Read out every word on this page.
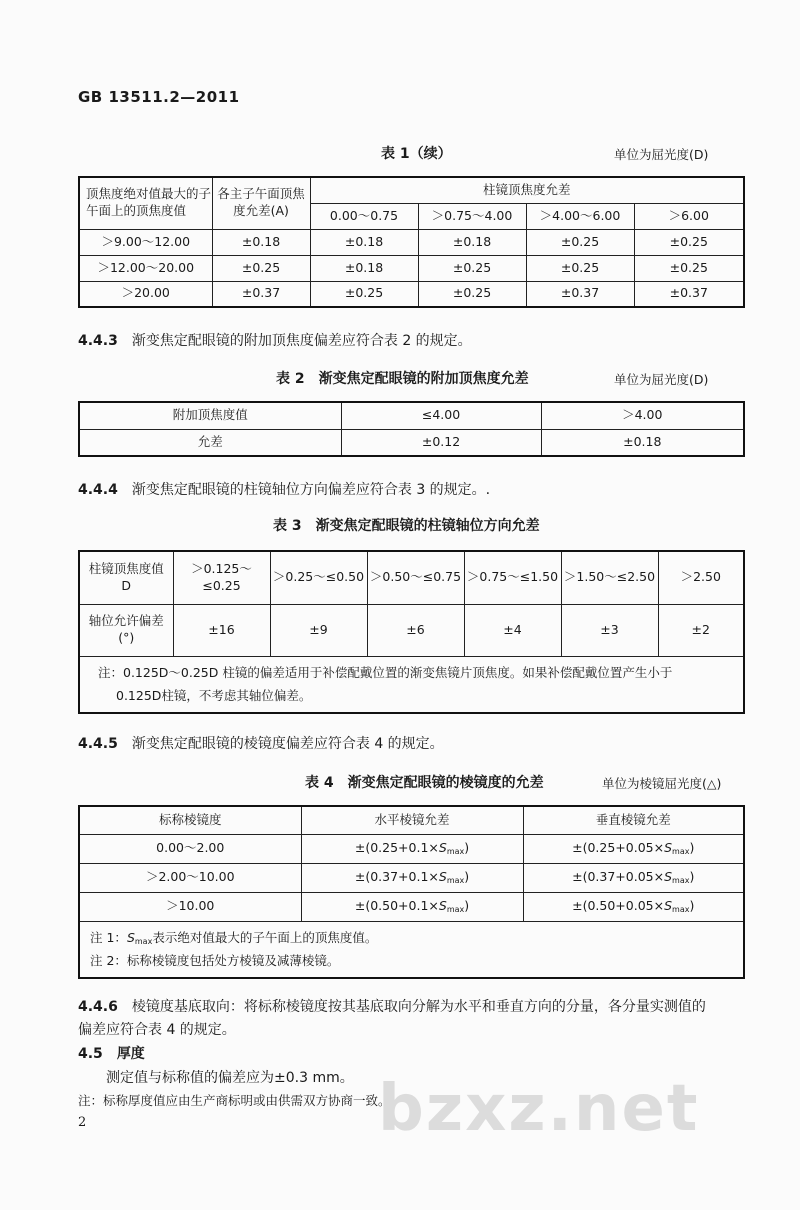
GB 13511.2—2011
表 1（续）	单位为屈光度(D)
顶焦度绝对值最大的子午面上的顶焦度值	各主子午面顶焦度允差(A)	柱镜顶焦度允差			
		0.00～0.75	＞0.75～4.00	＞4.00～6.00	＞6.00
＞9.00～12.00	±0.18	±0.18	±0.18	±0.25	±0.25
＞12.00～20.00	±0.25	±0.18	±0.25	±0.25	±0.25
＞20.00	±0.37	±0.25	±0.25	±0.37	±0.37
4.4.3 渐变焦定配眼镜的附加顶焦度偏差应符合表 2 的规定。
表 2　渐变焦定配眼镜的附加顶焦度允差	单位为屈光度(D)
附加顶焦度值	≤4.00	＞4.00
允差	±0.12	±0.18
4.4.4 渐变焦定配眼镜的柱镜轴位方向偏差应符合表 3 的规定。.
表 3　渐变焦定配眼镜的柱镜轴位方向允差
柱镜顶焦度值
D	＞0.125～≤0.25	＞0.25～≤0.50	＞0.50～≤0.75	＞0.75～≤1.50	＞1.50～≤2.50	＞2.50
轴位允许偏差
(°)	±16	±9	±6	±4	±3	±2
注：0.125D～0.25D 柱镜的偏差适用于补偿配戴位置的渐变焦镜片顶焦度。如果补偿配戴位置产生小于
0.125D柱镜，不考虑其轴位偏差。						
4.4.5 渐变焦定配眼镜的棱镜度偏差应符合表 4 的规定。
表 4　渐变焦定配眼镜的棱镜度的允差	单位为棱镜屈光度(△)
标称棱镜度	水平棱镜允差	垂直棱镜允差
0.00～2.00	$\pm(0.25+0.1\times S_{max})$	$\pm(0.25+0.05\times S_{max})$
＞2.00～10.00	$\pm(0.37+0.1\times S_{max})$	$\pm(0.37+0.05\times S_{max})$
＞10.00	$\pm(0.50+0.1\times S_{max})$	$\pm(0.50+0.05\times S_{max})$
注 1：$S_{max}$表示绝对值最大的子午面上的顶焦度值。
注 2：标称棱镜度包括处方棱镜及减薄棱镜。		
4.4.6 棱镜度基底取向：将标称棱镜度按其基底取向分解为水平和垂直方向的分量，各分量实测值的
偏差应符合表 4 的规定。
4.5 厚度
测定值与标称值的偏差应为±0.3 mm。
注：标称厚度值应由生产商标明或由供需双方协商一致。
2	bzxz.net
